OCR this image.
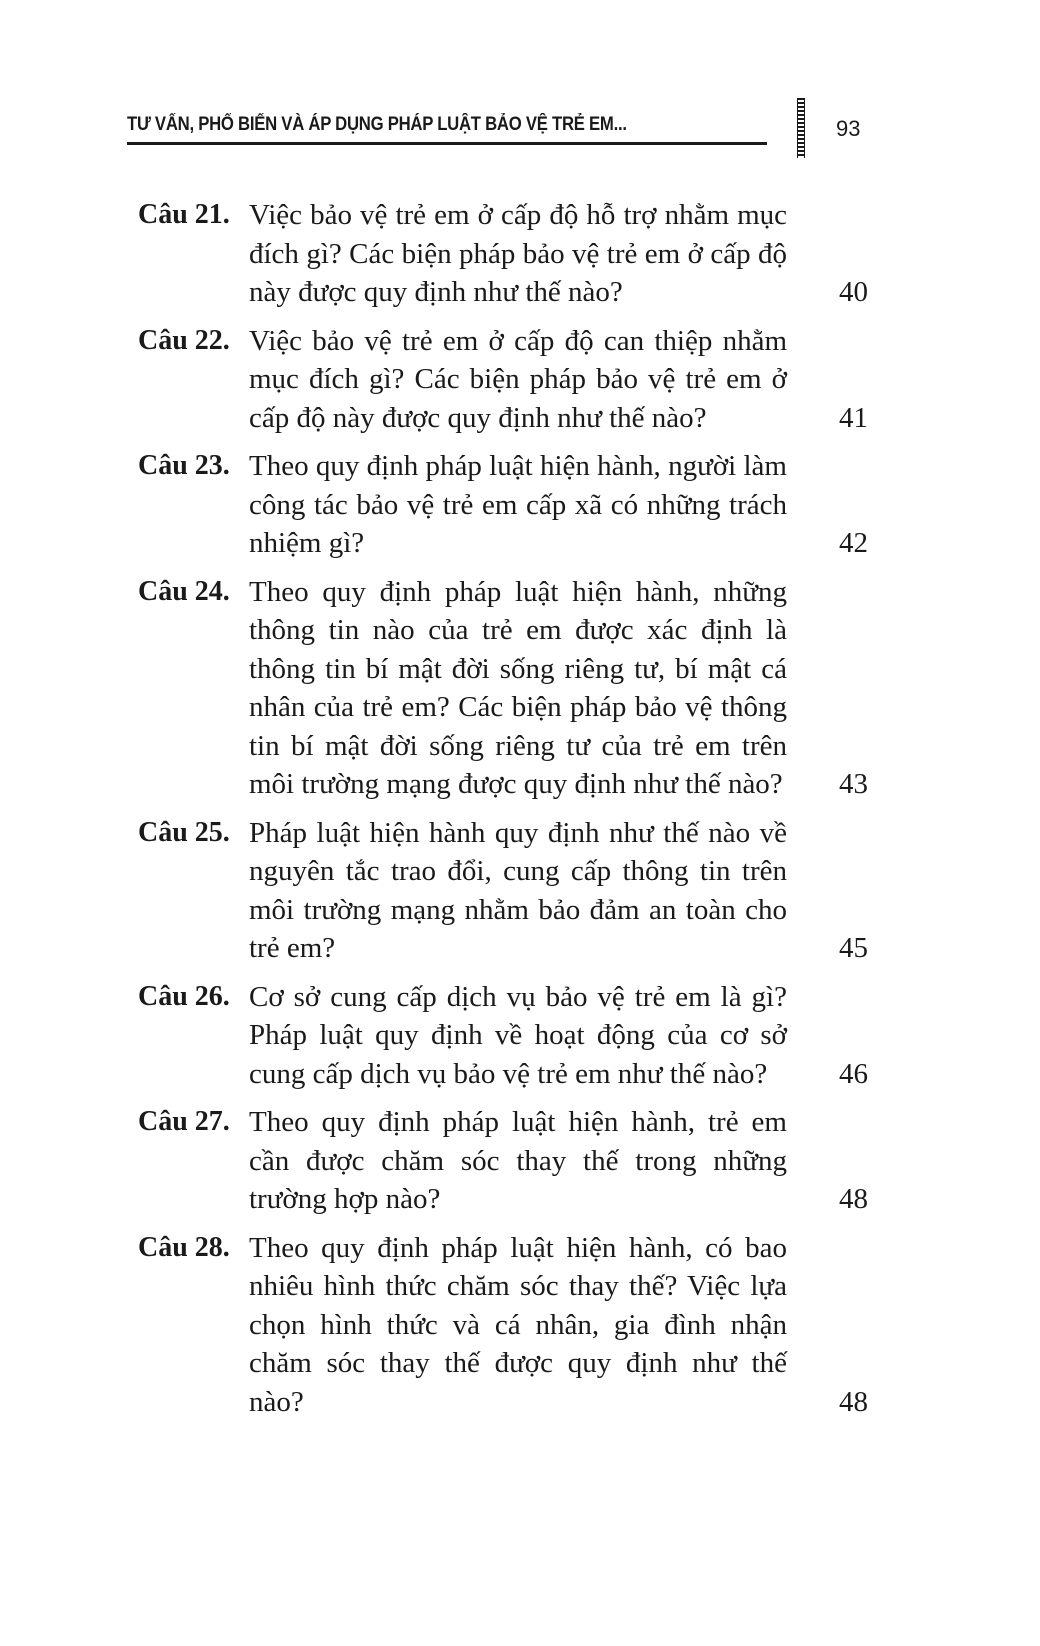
TƯ VẤN, PHỔ BIẾN VÀ ÁP DỤNG PHÁP LUẬT BẢO VỆ TRẺ EM...	93
Câu 21. Việc bảo vệ trẻ em ở cấp độ hỗ trợ nhằm mục đích gì? Các biện pháp bảo vệ trẻ em ở cấp độ này được quy định như thế nào?	40
Câu 22. Việc bảo vệ trẻ em ở cấp độ can thiệp nhằm mục đích gì? Các biện pháp bảo vệ trẻ em ở cấp độ này được quy định như thế nào?	41
Câu 23. Theo quy định pháp luật hiện hành, người làm công tác bảo vệ trẻ em cấp xã có những trách nhiệm gì?	42
Câu 24. Theo quy định pháp luật hiện hành, những thông tin nào của trẻ em được xác định là thông tin bí mật đời sống riêng tư, bí mật cá nhân của trẻ em? Các biện pháp bảo vệ thông tin bí mật đời sống riêng tư của trẻ em trên môi trường mạng được quy định như thế nào? 43
Câu 25. Pháp luật hiện hành quy định như thế nào về nguyên tắc trao đổi, cung cấp thông tin trên môi trường mạng nhằm bảo đảm an toàn cho trẻ em?	45
Câu 26. Cơ sở cung cấp dịch vụ bảo vệ trẻ em là gì? Pháp luật quy định về hoạt động của cơ sở cung cấp dịch vụ bảo vệ trẻ em như thế nào?	46
Câu 27. Theo quy định pháp luật hiện hành, trẻ em cần được chăm sóc thay thế trong những trường hợp nào?	48
Câu 28. Theo quy định pháp luật hiện hành, có bao nhiêu hình thức chăm sóc thay thế? Việc lựa chọn hình thức và cá nhân, gia đình nhận chăm sóc thay thế được quy định như thế nào?	48
